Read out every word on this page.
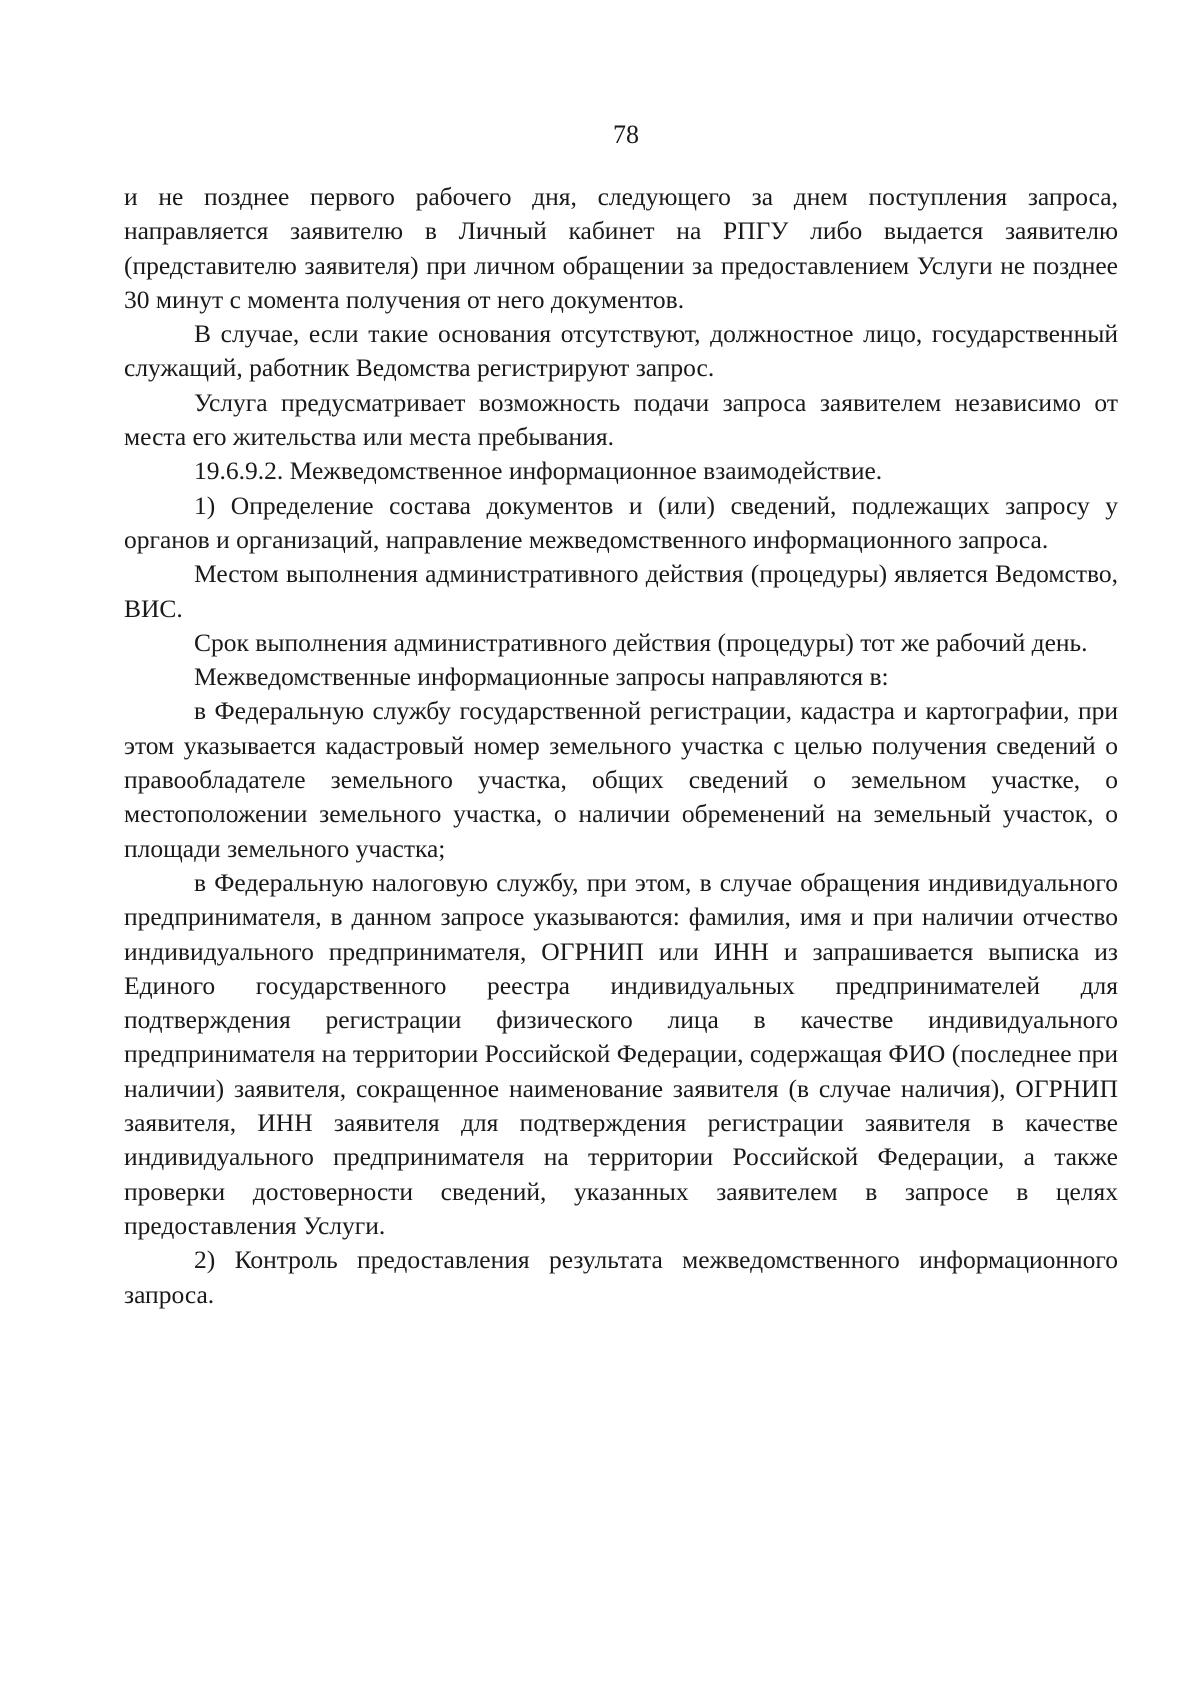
78

и не позднее первого рабочего дня, следующего за днем поступления запроса, направляется заявителю в Личный кабинет на РПГУ либо выдается заявителю (представителю заявителя) при личном обращении за предоставлением Услуги не позднее 30 минут с момента получения от него документов.

В случае, если такие основания отсутствуют, должностное лицо, государственный служащий, работник Ведомства регистрируют запрос.

Услуга предусматривает возможность подачи запроса заявителем независимо от места его жительства или места пребывания.

19.6.9.2. Межведомственное информационное взаимодействие.

1) Определение состава документов и (или) сведений, подлежащих запросу у органов и организаций, направление межведомственного информационного запроса.

Местом выполнения административного действия (процедуры) является Ведомство, ВИС.

Срок выполнения административного действия (процедуры) тот же рабочий день.

Межведомственные информационные запросы направляются в:

в Федеральную службу государственной регистрации, кадастра и картографии, при этом указывается кадастровый номер земельного участка с целью получения сведений о правообладателе земельного участка, общих сведений о земельном участке, о местоположении земельного участка, о наличии обременений на земельный участок, о площади земельного участка;

в Федеральную налоговую службу, при этом, в случае обращения индивидуального предпринимателя, в данном запросе указываются: фамилия, имя и при наличии отчество индивидуального предпринимателя, ОГРНИП или ИНН и запрашивается выписка из Единого государственного реестра индивидуальных предпринимателей для подтверждения регистрации физического лица в качестве индивидуального предпринимателя на территории Российской Федерации, содержащая ФИО (последнее при наличии) заявителя, сокращенное наименование заявителя (в случае наличия), ОГРНИП заявителя, ИНН заявителя для подтверждения регистрации заявителя в качестве индивидуального предпринимателя на территории Российской Федерации, а также проверки достоверности сведений, указанных заявителем в запросе в целях предоставления Услуги.

2) Контроль предоставления результата межведомственного информационного запроса.
